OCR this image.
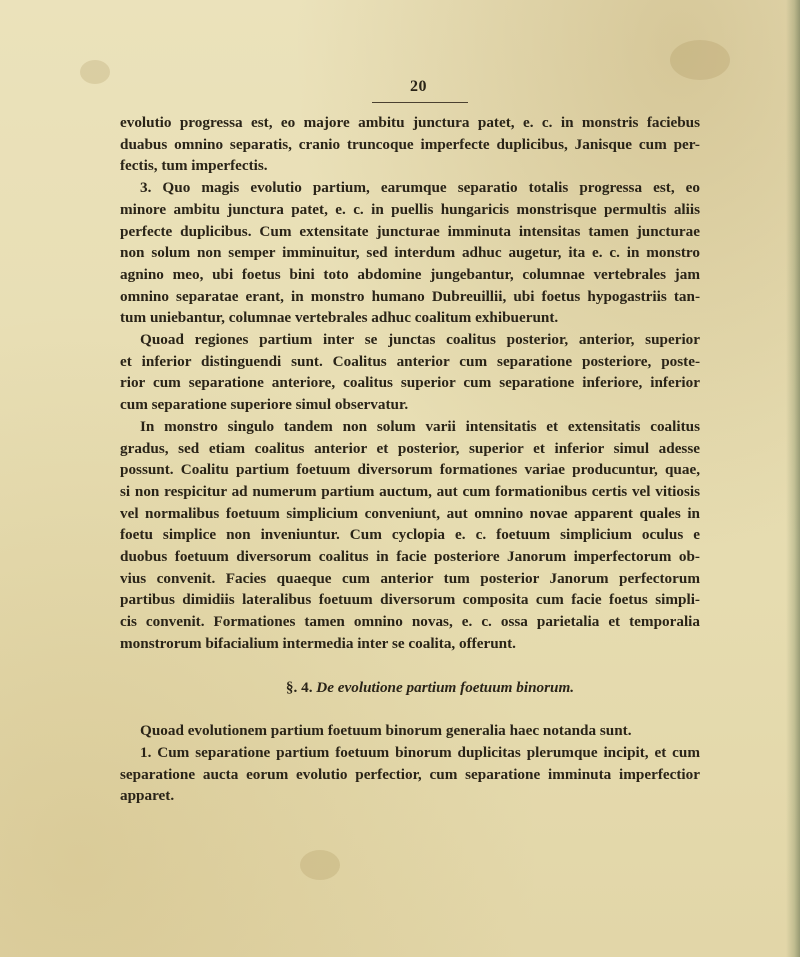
20
evolutio progressa est, eo majore ambitu junctura patet, e. c. in monstris faciebus
duabus omnino separatis, cranio truncoque imperfecte duplicibus, Janisque cum per-
fectis, tum imperfectis.
3. Quo magis evolutio partium, earumque separatio totalis progressa est, eo
minore ambitu junctura patet, e. c. in puellis hungaricis monstrisque permultis aliis
perfecte duplicibus. Cum extensitate juncturae imminuta intensitas tamen juncturae
non solum non semper imminuitur, sed interdum adhuc augetur, ita e. c. in monstro
agnino meo, ubi foetus bini toto abdomine jungebantur, columnae vertebrales jam
omnino separatae erant, in monstro humano Dubreuillii, ubi foetus hypogastriis tan-
tum uniebantur, columnae vertebrales adhuc coalitum exhibuerunt.
Quoad regiones partium inter se junctas coalitus posterior, anterior, superior
et inferior distinguendi sunt. Coalitus anterior cum separatione posteriore, poste-
rior cum separatione anteriore, coalitus superior cum separatione inferiore, inferior
cum separatione superiore simul observatur.
In monstro singulo tandem non solum varii intensitatis et extensitatis coalitus
gradus, sed etiam coalitus anterior et posterior, superior et inferior simul adesse
possunt. Coalitu partium foetuum diversorum formationes variae producuntur, quae,
si non respicitur ad numerum partium auctum, aut cum formationibus certis vel vitiosis
vel normalibus foetuum simplicium conveniunt, aut omnino novae apparent quales in
foetu simplice non inveniuntur. Cum cyclopia e. c. foetuum simplicium oculus e
duobus foetuum diversorum coalitus in facie posteriore Janorum imperfectorum ob-
vius convenit. Facies quaeque cum anterior tum posterior Janorum perfectorum
partibus dimidiis lateralibus foetuum diversorum composita cum facie foetus simpli-
cis convenit. Formationes tamen omnino novas, e. c. ossa parietalia et temporalia
monstrorum bifacialium intermedia inter se coalita, offerunt.
§. 4. De evolutione partium foetuum binorum.
Quoad evolutionem partium foetuum binorum generalia haec notanda sunt.
1. Cum separatione partium foetuum binorum duplicitas plerumque incipit, et cum
separatione aucta eorum evolutio perfectior, cum separatione imminuta imperfectior
apparet.
